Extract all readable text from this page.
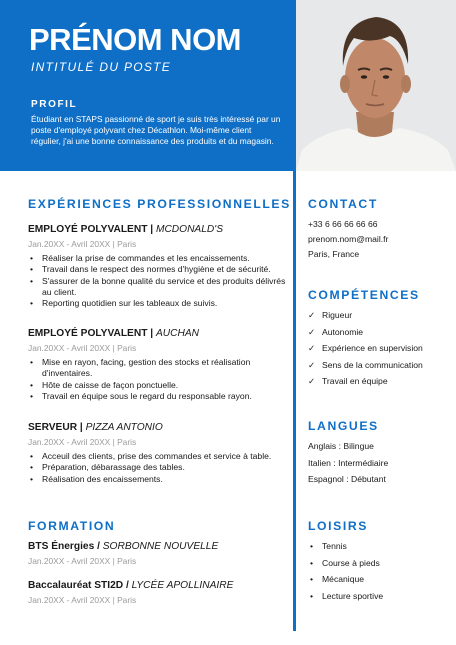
PRÉNOM NOM
INTITULÉ DU POSTE
PROFIL
Étudiant en STAPS passionné de sport je suis très intéressé par un poste d'employé polyvant chez Décathlon. Moi-même client régulier, j'ai une bonne connaissance des produits et du magasin.
EXPÉRIENCES PROFESSIONNELLES
EMPLOYÉ POLYVALENT | MCDONALD'S
Jan.20XX - Avril 20XX | Paris
• Réaliser la prise de commandes et les encaissements.
• Travail dans le respect des normes d'hygiène et de sécurité.
• S'assurer de la bonne qualité du service et des produits délivrés au client.
• Reporting quotidien sur les tableaux de suivis.
EMPLOYÉ POLYVALENT | AUCHAN
Jan.20XX - Avril 20XX | Paris
• Mise en rayon, facing, gestion des stocks et réalisation d'inventaires.
• Hôte de caisse de façon ponctuelle.
• Travail en équipe sous le regard du responsable rayon.
SERVEUR | PIZZA ANTONIO
Jan.20XX - Avril 20XX | Paris
• Acceuil des clients, prise des commandes et service à table.
• Préparation, débarassage des tables.
• Réalisation des encaissements.
FORMATION
BTS Énergies / SORBONNE NOUVELLE
Jan.20XX - Avril 20XX | Paris
Baccalauréat STI2D / LYCÉE APOLLINAIRE
Jan.20XX - Avril 20XX | Paris
CONTACT
+33 6 66 66 66 66
prenom.nom@mail.fr
Paris, France
COMPÉTENCES
✓ Rigueur
✓ Autonomie
✓ Expérience en supervision
✓ Sens de la communication
✓ Travail en équipe
LANGUES
Anglais : Bilingue
Italien : Intermédiaire
Espagnol : Débutant
LOISIRS
• Tennis
• Course à pieds
• Mécanique
• Lecture sportive
